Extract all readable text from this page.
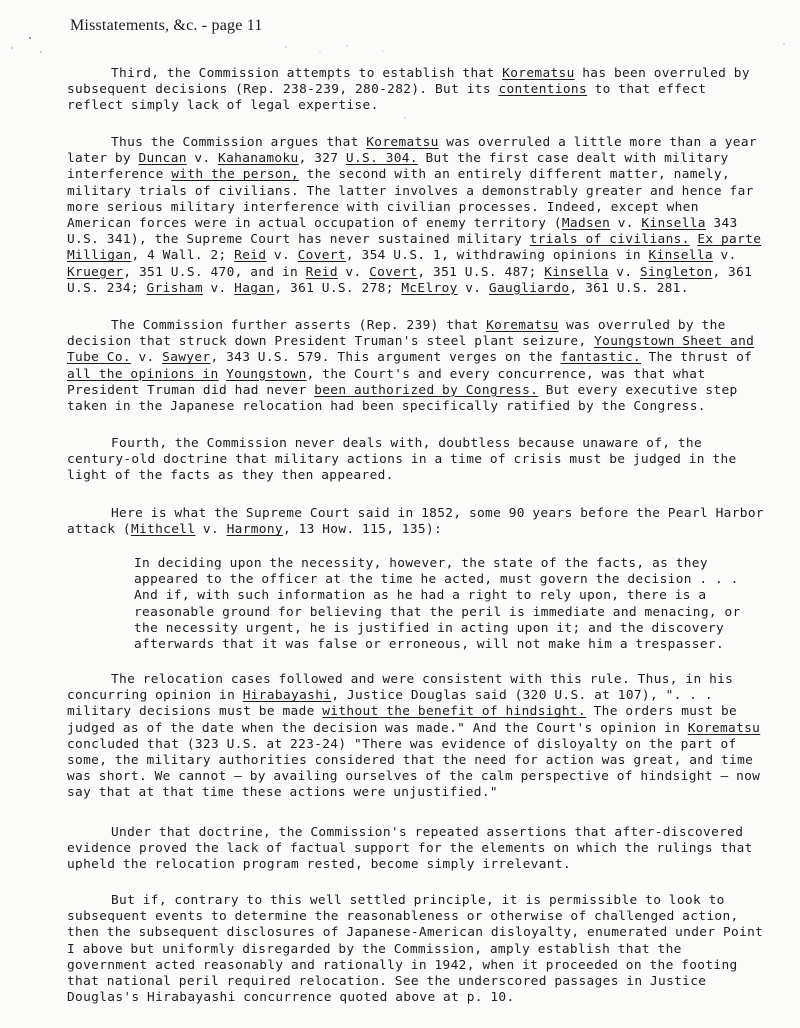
Misstatements, &c. - page 11

Third, the Commission attempts to establish that Korematsu has been overruled by subsequent decisions (Rep. 238-239, 280-282). But its contentions to that effect reflect simply lack of legal expertise.

Thus the Commission argues that Korematsu was overruled a little more than a year later by Duncan v. Kahanamoku, 327 U.S. 304. But the first case dealt with military interference with the person, the second with an entirely different matter, namely, military trials of civilians. The latter involves a demonstrably greater and hence far more serious military interference with civilian processes. Indeed, except when American forces were in actual occupation of enemy territory (Madsen v. Kinsella 343 U.S. 341), the Supreme Court has never sustained military trials of civilians. Ex parte Milligan, 4 Wall. 2; Reid v. Covert, 354 U.S. 1, withdrawing opinions in Kinsella v. Krueger, 351 U.S. 470, and in Reid v. Covert, 351 U.S. 487; Kinsella v. Singleton, 361 U.S. 234; Grisham v. Hagan, 361 U.S. 278; McElroy v. Gaugliardo, 361 U.S. 281.

The Commission further asserts (Rep. 239) that Korematsu was overruled by the decision that struck down President Truman's steel plant seizure, Youngstown Sheet and Tube Co. v. Sawyer, 343 U.S. 579. This argument verges on the fantastic. The thrust of all the opinions in Youngstown, the Court's and every concurrence, was that what President Truman did had never been authorized by Congress. But every executive step taken in the Japanese relocation had been specifically ratified by the Congress.

Fourth, the Commission never deals with, doubtless because unaware of, the century-old doctrine that military actions in a time of crisis must be judged in the light of the facts as they then appeared.

Here is what the Supreme Court said in 1852, some 90 years before the Pearl Harbor attack (Mithcell v. Harmony, 13 How. 115, 135):

In deciding upon the necessity, however, the state of the facts, as they appeared to the officer at the time he acted, must govern the decision . . . And if, with such information as he had a right to rely upon, there is a reasonable ground for believing that the peril is immediate and menacing, or the necessity urgent, he is justified in acting upon it; and the discovery afterwards that it was false or erroneous, will not make him a trespasser.

The relocation cases followed and were consistent with this rule. Thus, in his concurring opinion in Hirabayashi, Justice Douglas said (320 U.S. at 107), ". . . military decisions must be made without the benefit of hindsight. The orders must be judged as of the date when the decision was made." And the Court's opinion in Korematsu concluded that (323 U.S. at 223-24) "There was evidence of disloyalty on the part of some, the military authorities considered that the need for action was great, and time was short. We cannot — by availing ourselves of the calm perspective of hindsight — now say that at that time these actions were unjustified."

Under that doctrine, the Commission's repeated assertions that after-discovered evidence proved the lack of factual support for the elements on which the rulings that upheld the relocation program rested, become simply irrelevant.

But if, contrary to this well settled principle, it is permissible to look to subsequent events to determine the reasonableness or otherwise of challenged action, then the subsequent disclosures of Japanese-American disloyalty, enumerated under Point I above but uniformly disregarded by the Commission, amply establish that the government acted reasonably and rationally in 1942, when it proceeded on the footing that national peril required relocation. See the underscored passages in Justice Douglas's Hirabayashi concurrence quoted above at p. 10.
